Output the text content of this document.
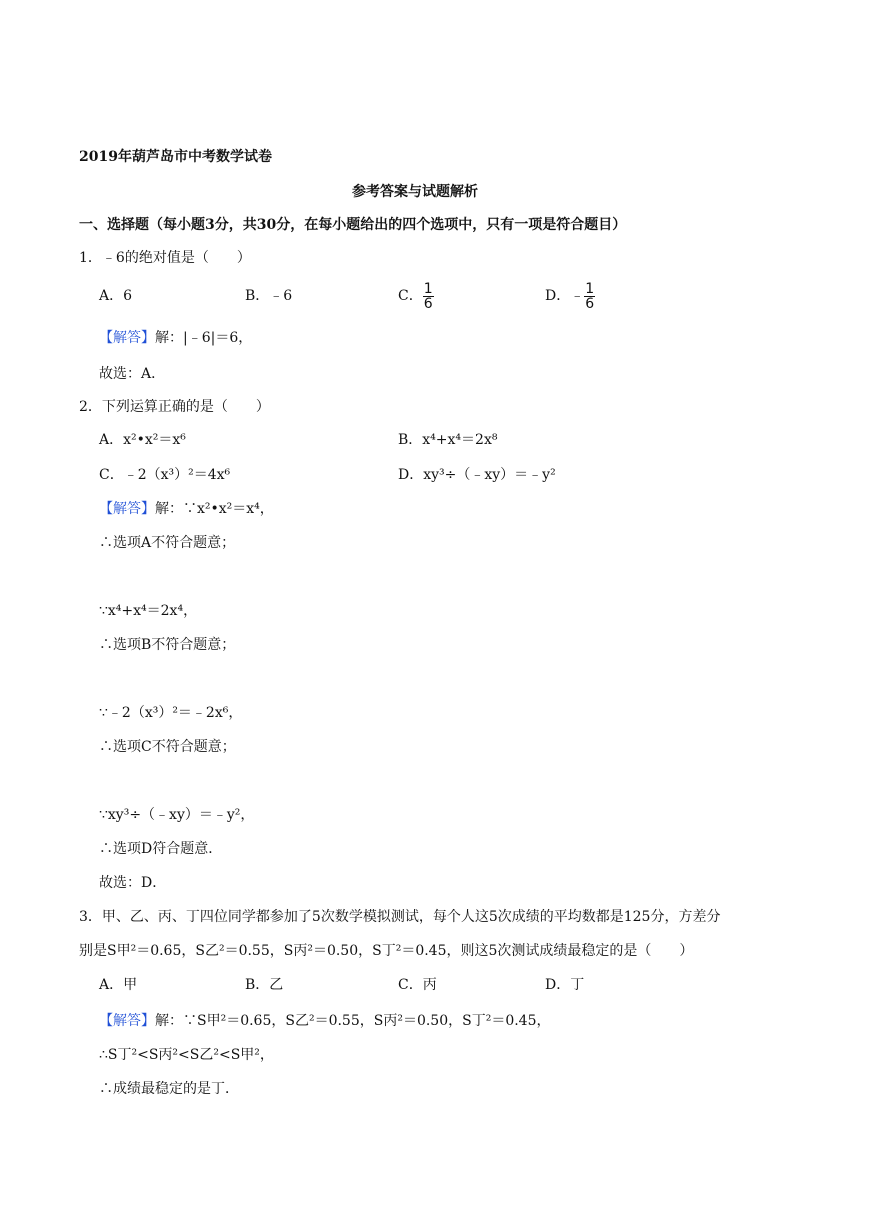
2019年葫芦岛市中考数学试卷
参考答案与试题解析
一、选择题（每小题3分，共30分，在每小题给出的四个选项中，只有一项是符合题目）
1．﹣6的绝对值是（　　）
A．6	B．﹣6	C． $\frac{1}{6}$	D．﹣ $\frac{1}{6}$
【解答】解：|﹣6|＝6，
故选：A．
2．下列运算正确的是（　　）
A．x²•x²＝x⁶	B．x⁴+x⁴＝2x⁸
C．﹣2（x³）²＝4x⁶	D．xy³÷（﹣xy）＝﹣y²
【解答】解：∵x²•x²＝x⁴，
∴选项A不符合题意；
∵x⁴+x⁴＝2x⁴，
∴选项B不符合题意；
∵﹣2（x³）²＝﹣2x⁶，
∴选项C不符合题意；
∵xy³÷（﹣xy）＝﹣y²，
∴选项D符合题意．
故选：D．
3．甲、乙、丙、丁四位同学都参加了5次数学模拟测试，每个人这5次成绩的平均数都是125分，方差分
别是S甲²＝0.65，S乙²＝0.55，S丙²＝0.50，S丁²＝0.45，则这5次测试成绩最稳定的是（　　）
A．甲	B．乙	C．丙	D．丁
【解答】解：∵S甲²＝0.65，S乙²＝0.55，S丙²＝0.50，S丁²＝0.45，
∴S丁²<S丙²<S乙²<S甲²，
∴成绩最稳定的是丁．
